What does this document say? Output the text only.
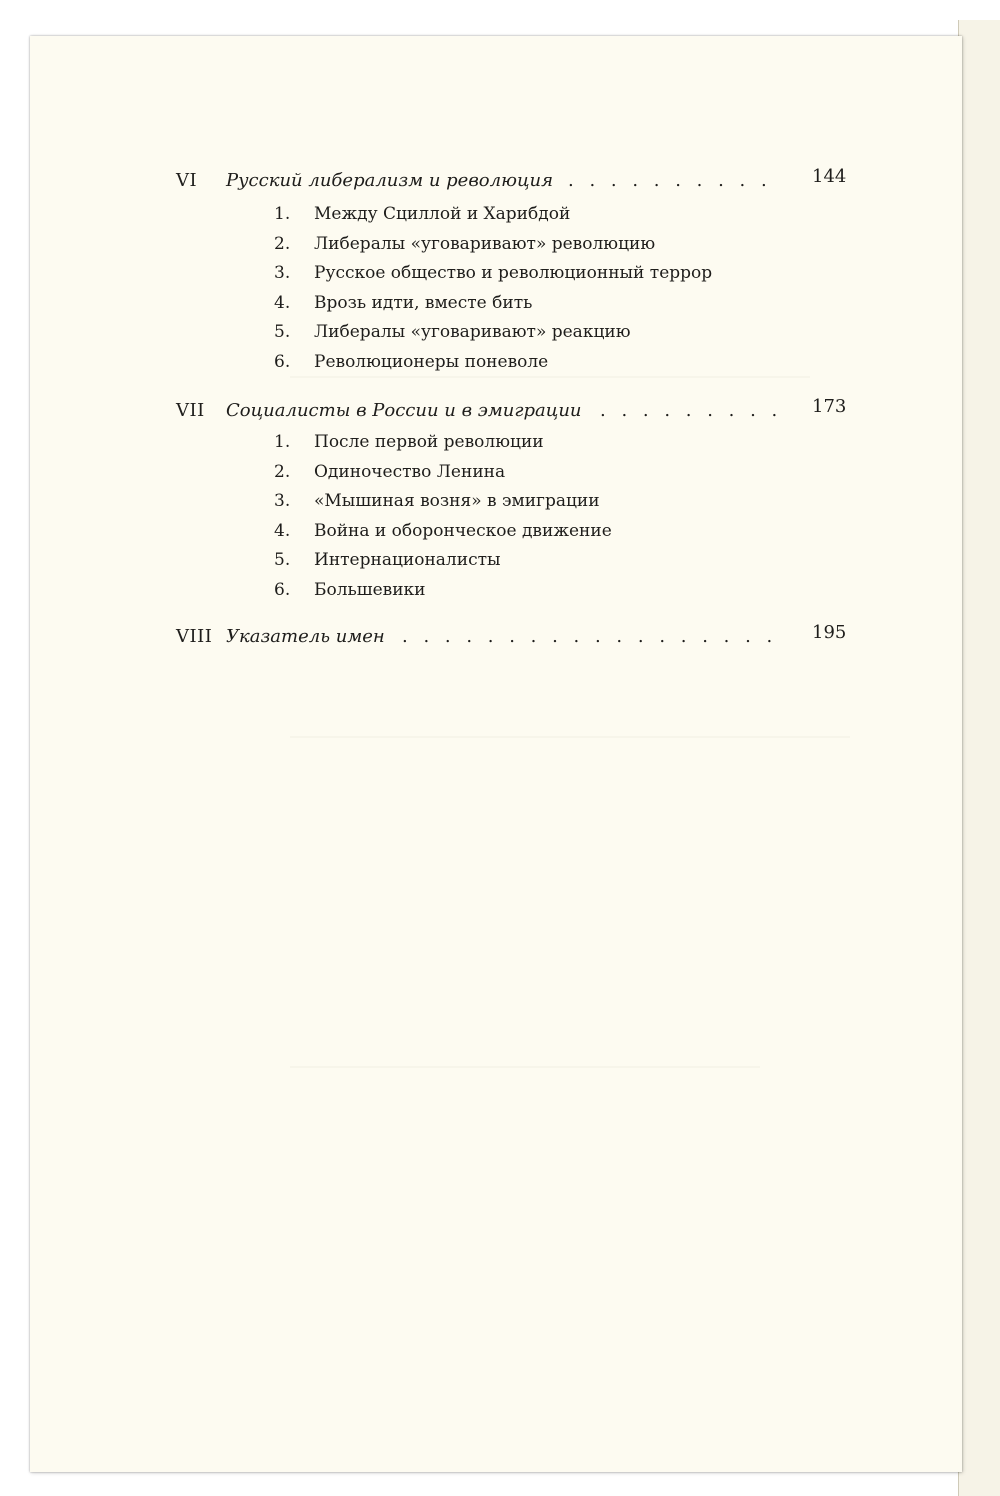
VI Русский либерализм и революция . . . . . . . . . . 144
1. Между Сциллой и Харибдой
2. Либералы «уговаривают» революцию
3. Русское общество и революционный террор
4. Врозь идти, вместе бить
5. Либералы «уговаривают» реакцию
6. Революционеры поневоле
VII Социалисты в России и в эмиграции . . . . . . . . . 173
1. После первой революции
2. Одиночество Ленина
3. «Мышиная возня» в эмиграции
4. Война и оборонческое движение
5. Интернационалисты
6. Большевики
VIII Указатель имен . . . . . . . . . . . . . . . . . . 195
